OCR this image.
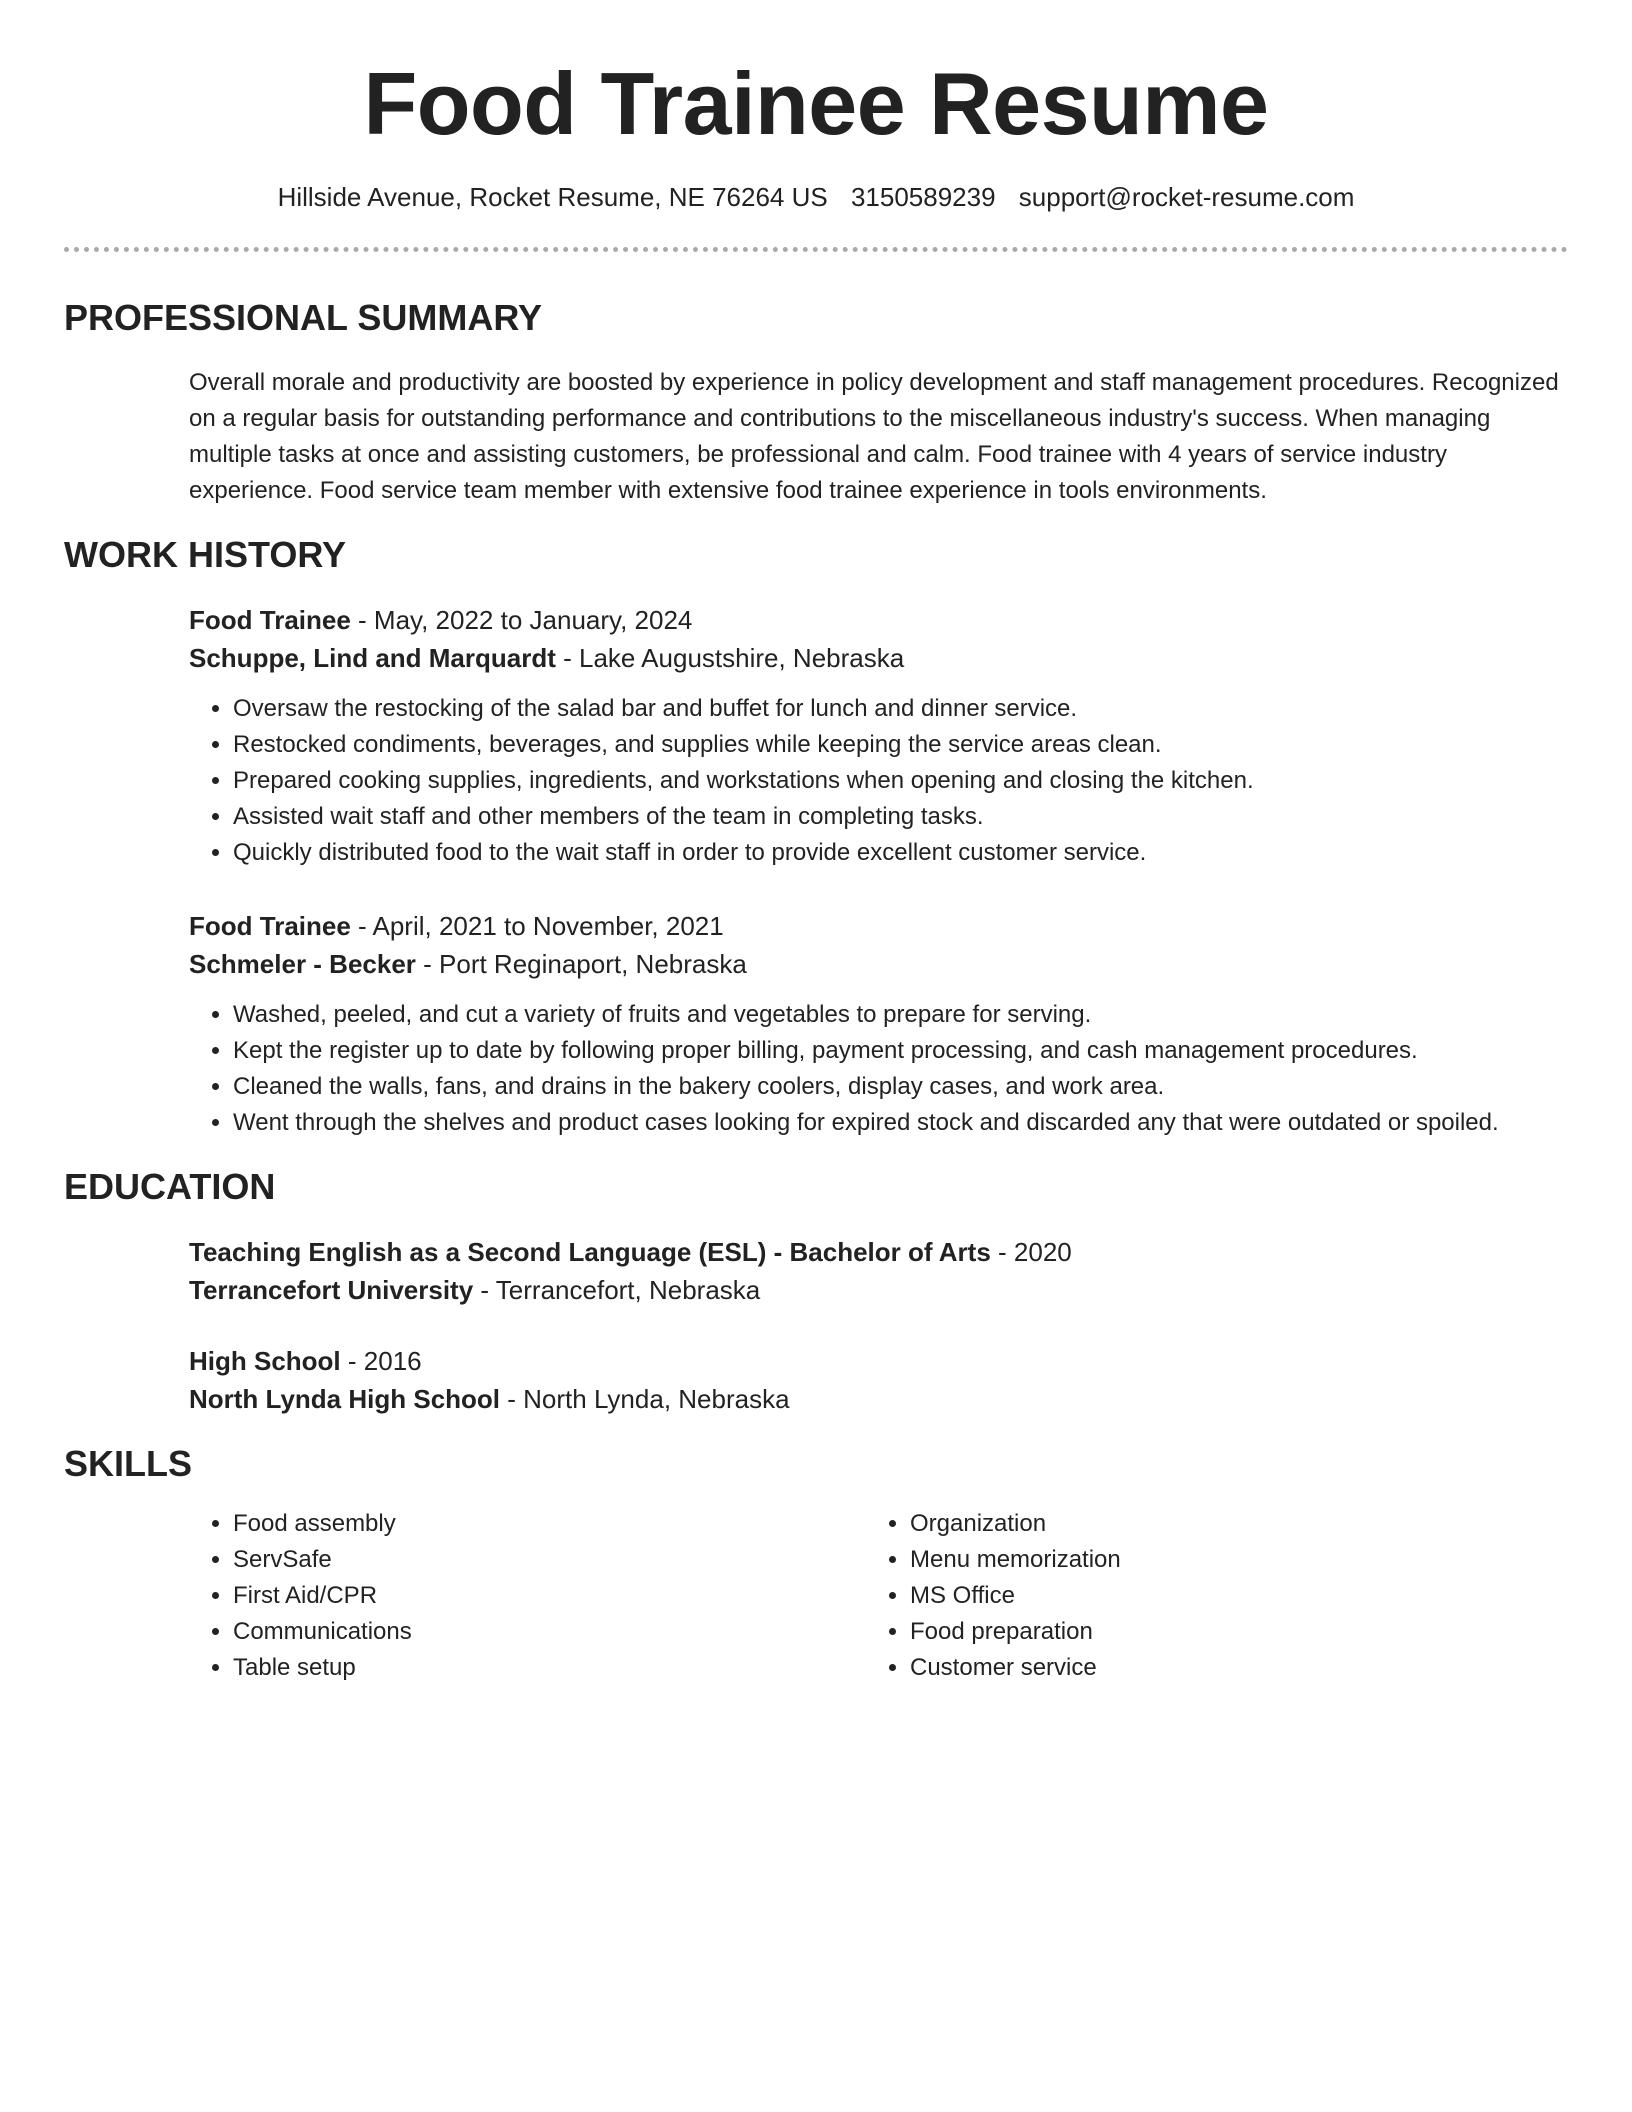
Food Trainee Resume
Hillside Avenue, Rocket Resume, NE 76264 US 3150589239 support@rocket-resume.com
PROFESSIONAL SUMMARY
Overall morale and productivity are boosted by experience in policy development and staff management procedures. Recognized on a regular basis for outstanding performance and contributions to the miscellaneous industry's success. When managing multiple tasks at once and assisting customers, be professional and calm. Food trainee with 4 years of service industry experience. Food service team member with extensive food trainee experience in tools environments.
WORK HISTORY
Food Trainee - May, 2022 to January, 2024
Schuppe, Lind and Marquardt - Lake Augustshire, Nebraska
• Oversaw the restocking of the salad bar and buffet for lunch and dinner service.
• Restocked condiments, beverages, and supplies while keeping the service areas clean.
• Prepared cooking supplies, ingredients, and workstations when opening and closing the kitchen.
• Assisted wait staff and other members of the team in completing tasks.
• Quickly distributed food to the wait staff in order to provide excellent customer service.
Food Trainee - April, 2021 to November, 2021
Schmeler - Becker - Port Reginaport, Nebraska
• Washed, peeled, and cut a variety of fruits and vegetables to prepare for serving.
• Kept the register up to date by following proper billing, payment processing, and cash management procedures.
• Cleaned the walls, fans, and drains in the bakery coolers, display cases, and work area.
• Went through the shelves and product cases looking for expired stock and discarded any that were outdated or spoiled.
EDUCATION
Teaching English as a Second Language (ESL) - Bachelor of Arts - 2020
Terrancefort University - Terrancefort, Nebraska
High School - 2016
North Lynda High School - North Lynda, Nebraska
SKILLS
• Food assembly
• ServSafe
• First Aid/CPR
• Communications
• Table setup
• Organization
• Menu memorization
• MS Office
• Food preparation
• Customer service
